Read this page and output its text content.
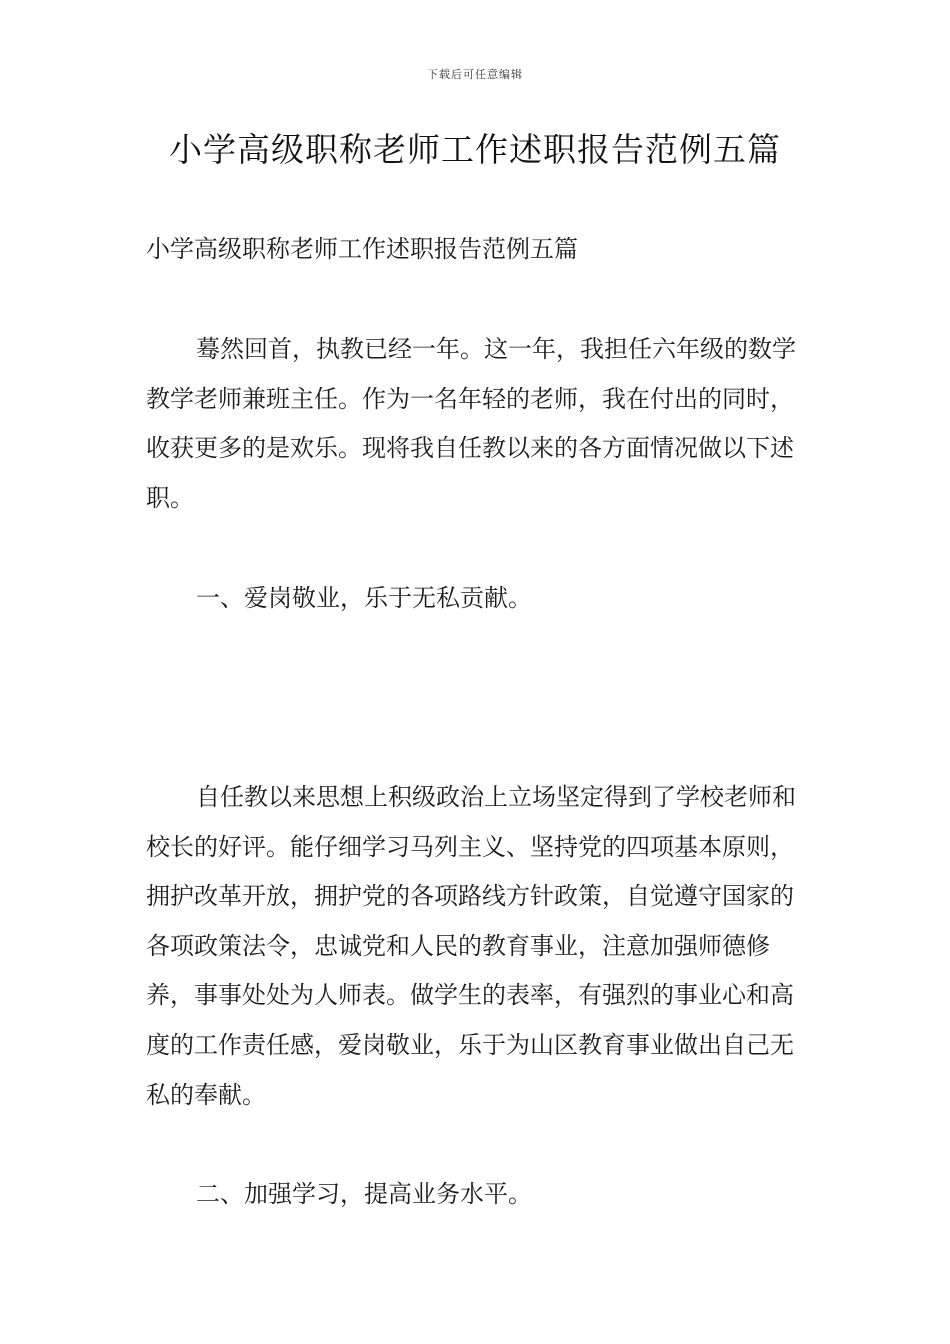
下载后可任意编辑
小学高级职称老师工作述职报告范例五篇

小学高级职称老师工作述职报告范例五篇

蓦然回首，执教已经一年。这一年，我担任六年级的数学教学老师兼班主任。作为一名年轻的老师，我在付出的同时，收获更多的是欢乐。现将我自任教以来的各方面情况做以下述职。

一、爱岗敬业，乐于无私贡献。

自任教以来思想上积级政治上立场坚定得到了学校老师和校长的好评。能仔细学习马列主义、坚持党的四项基本原则，拥护改革开放，拥护党的各项路线方针政策，自觉遵守国家的各项政策法令，忠诚党和人民的教育事业，注意加强师德修养，事事处处为人师表。做学生的表率，有强烈的事业心和高度的工作责任感，爱岗敬业，乐于为山区教育事业做出自己无私的奉献。

二、加强学习，提高业务水平。
